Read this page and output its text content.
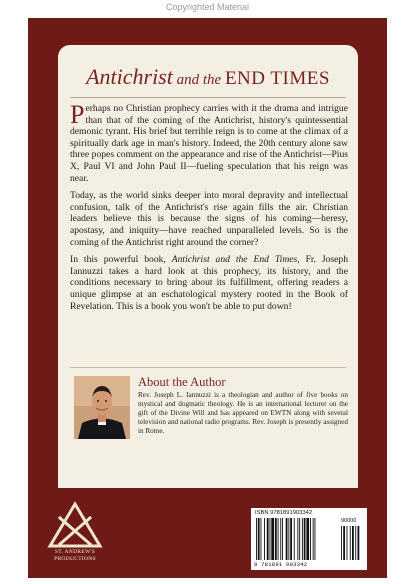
Copyrighted Material
Antichrist and the END TIMES

Perhaps no Christian prophecy carries with it the drama and intrigue than that of the coming of the Antichrist, history's quintessential demonic tyrant. His brief but terrible reign is to come at the climax of a spiritually dark age in man's history. Indeed, the 20th century alone saw three popes comment on the appearance and rise of the Antichrist—Pius X, Paul VI and John Paul II—fueling speculation that his reign was near.

Today, as the world sinks deeper into moral depravity and intellectual confusion, talk of the Antichrist's rise again fills the air. Christian leaders believe this is because the signs of his coming—heresy, apostasy, and iniquity—have reached unparalleled levels. So is the coming of the Antichrist right around the corner?

In this powerful book, Antichrist and the End Times, Fr. Joseph Iannuzzi takes a hard look at this prophecy, its history, and the conditions necessary to bring about its fulfillment, offering readers a unique glimpse at an eschatological mystery rooted in the Book of Revelation. This is a book you won't be able to put down!

About the Author
Rev. Joseph L. Iannuzzi is a theologian and author of five books on mystical and dogmatic theology. He is an international lecturer on the gift of the Divine Will and has appeared on EWTN along with several television and national radio programs. Rev. Joseph is presently assigned in Rome.
ST. ANDREW'S
PRODUCTIONS
ISBN 9781891903342
90000
9 781891 903342
